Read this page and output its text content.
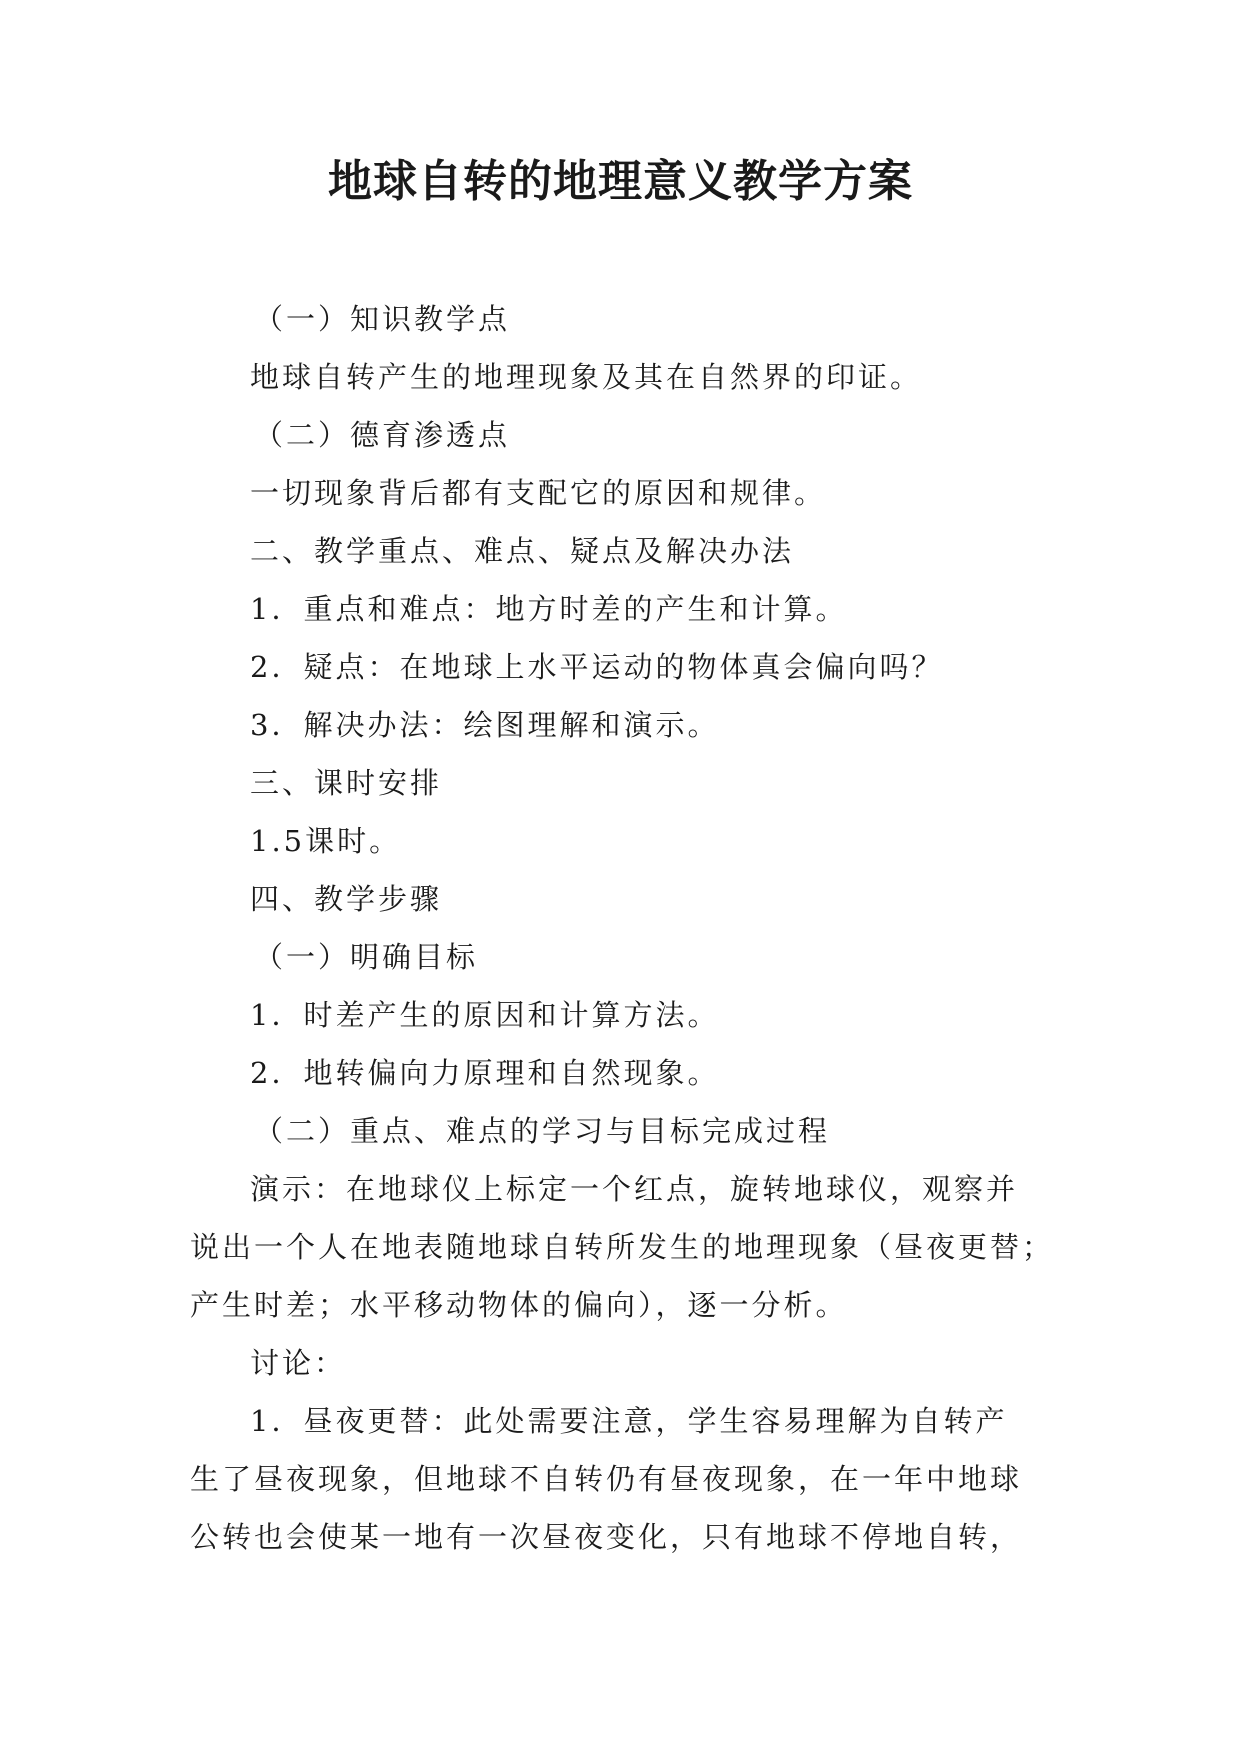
地球自转的地理意义教学方案

（一）知识教学点

地球自转产生的地理现象及其在自然界的印证。

（二）德育渗透点

一切现象背后都有支配它的原因和规律。

二、教学重点、难点、疑点及解决办法

1．重点和难点：地方时差的产生和计算。

2．疑点：在地球上水平运动的物体真会偏向吗？

3．解决办法：绘图理解和演示。

三、课时安排

1.5课时。

四、教学步骤

（一）明确目标

1．时差产生的原因和计算方法。

2．地转偏向力原理和自然现象。

（二）重点、难点的学习与目标完成过程

演示：在地球仪上标定一个红点，旋转地球仪，观察并

说出一个人在地表随地球自转所发生的地理现象（昼夜更替；

产生时差；水平移动物体的偏向），逐一分析。

讨论：

1．昼夜更替：此处需要注意，学生容易理解为自转产

生了昼夜现象，但地球不自转仍有昼夜现象，在一年中地球

公转也会使某一地有一次昼夜变化，只有地球不停地自转，
